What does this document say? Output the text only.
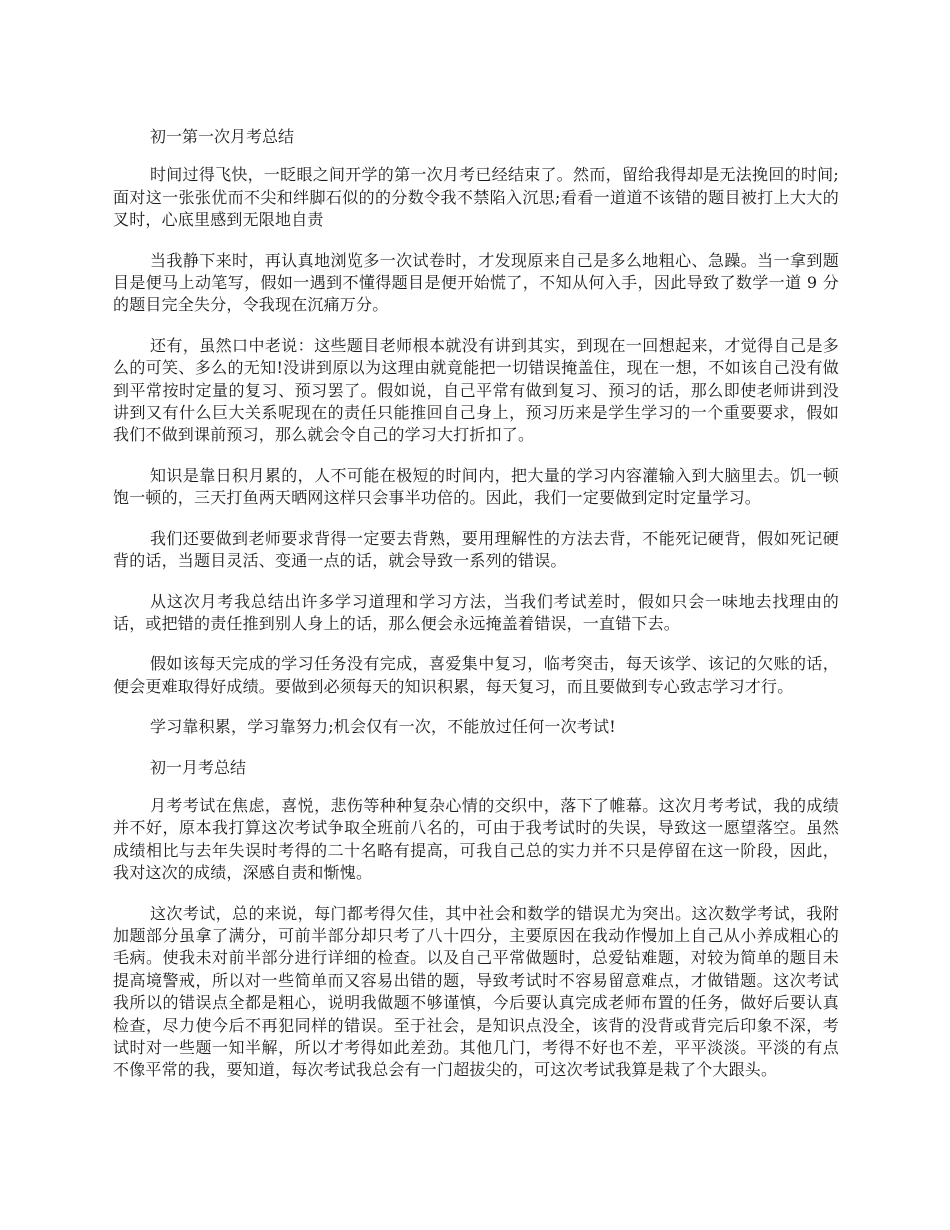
初一第一次月考总结

时间过得飞快，一眨眼之间开学的第一次月考已经结束了。然而，留给我得却是无法挽回的时间;面对这一张张优而不尖和绊脚石似的的分数令我不禁陷入沉思;看看一道道不该错的题目被打上大大的叉时，心底里感到无限地自责

当我静下来时，再认真地浏览多一次试卷时，才发现原来自己是多么地粗心、急躁。当一拿到题目是便马上动笔写，假如一遇到不懂得题目是便开始慌了，不知从何入手，因此导致了数学一道 9 分的题目完全失分，令我现在沉痛万分。

还有，虽然口中老说：这些题目老师根本就没有讲到其实，到现在一回想起来，才觉得自己是多么的可笑、多么的无知!没讲到原以为这理由就竟能把一切错误掩盖住，现在一想，不如该自己没有做到平常按时定量的复习、预习罢了。假如说，自己平常有做到复习、预习的话，那么即使老师讲到没讲到又有什么巨大关系呢现在的责任只能推回自己身上，预习历来是学生学习的一个重要要求，假如我们不做到课前预习，那么就会令自己的学习大打折扣了。

知识是靠日积月累的，人不可能在极短的时间内，把大量的学习内容灌输入到大脑里去。饥一顿饱一顿的，三天打鱼两天晒网这样只会事半功倍的。因此，我们一定要做到定时定量学习。

我们还要做到老师要求背得一定要去背熟，要用理解性的方法去背，不能死记硬背，假如死记硬背的话，当题目灵活、变通一点的话，就会导致一系列的错误。

从这次月考我总结出许多学习道理和学习方法，当我们考试差时，假如只会一味地去找理由的话，或把错的责任推到别人身上的话，那么便会永远掩盖着错误，一直错下去。

假如该每天完成的学习任务没有完成，喜爱集中复习，临考突击，每天该学、该记的欠账的话，便会更难取得好成绩。要做到必须每天的知识积累，每天复习，而且要做到专心致志学习才行。

学习靠积累，学习靠努力;机会仅有一次，不能放过任何一次考试!

初一月考总结

月考考试在焦虑，喜悦，悲伤等种种复杂心情的交织中，落下了帷幕。这次月考考试，我的成绩并不好，原本我打算这次考试争取全班前八名的，可由于我考试时的失误，导致这一愿望落空。虽然成绩相比与去年失误时考得的二十名略有提高，可我自己总的实力并不只是停留在这一阶段，因此，我对这次的成绩，深感自责和惭愧。

这次考试，总的来说，每门都考得欠佳，其中社会和数学的错误尤为突出。这次数学考试，我附加题部分虽拿了满分，可前半部分却只考了八十四分，主要原因在我动作慢加上自己从小养成粗心的毛病。使我未对前半部分进行详细的检查。以及自己平常做题时，总爱钻难题，对较为简单的题目未提高境警戒，所以对一些简单而又容易出错的题，导致考试时不容易留意难点，才做错题。这次考试我所以的错误点全都是粗心，说明我做题不够谨慎，今后要认真完成老师布置的任务，做好后要认真检查，尽力使今后不再犯同样的错误。至于社会，是知识点没全，该背的没背或背完后印象不深，考试时对一些题一知半解，所以才考得如此差劲。其他几门，考得不好也不差，平平淡淡。平淡的有点不像平常的我，要知道，每次考试我总会有一门超拔尖的，可这次考试我算是栽了个大跟头。
